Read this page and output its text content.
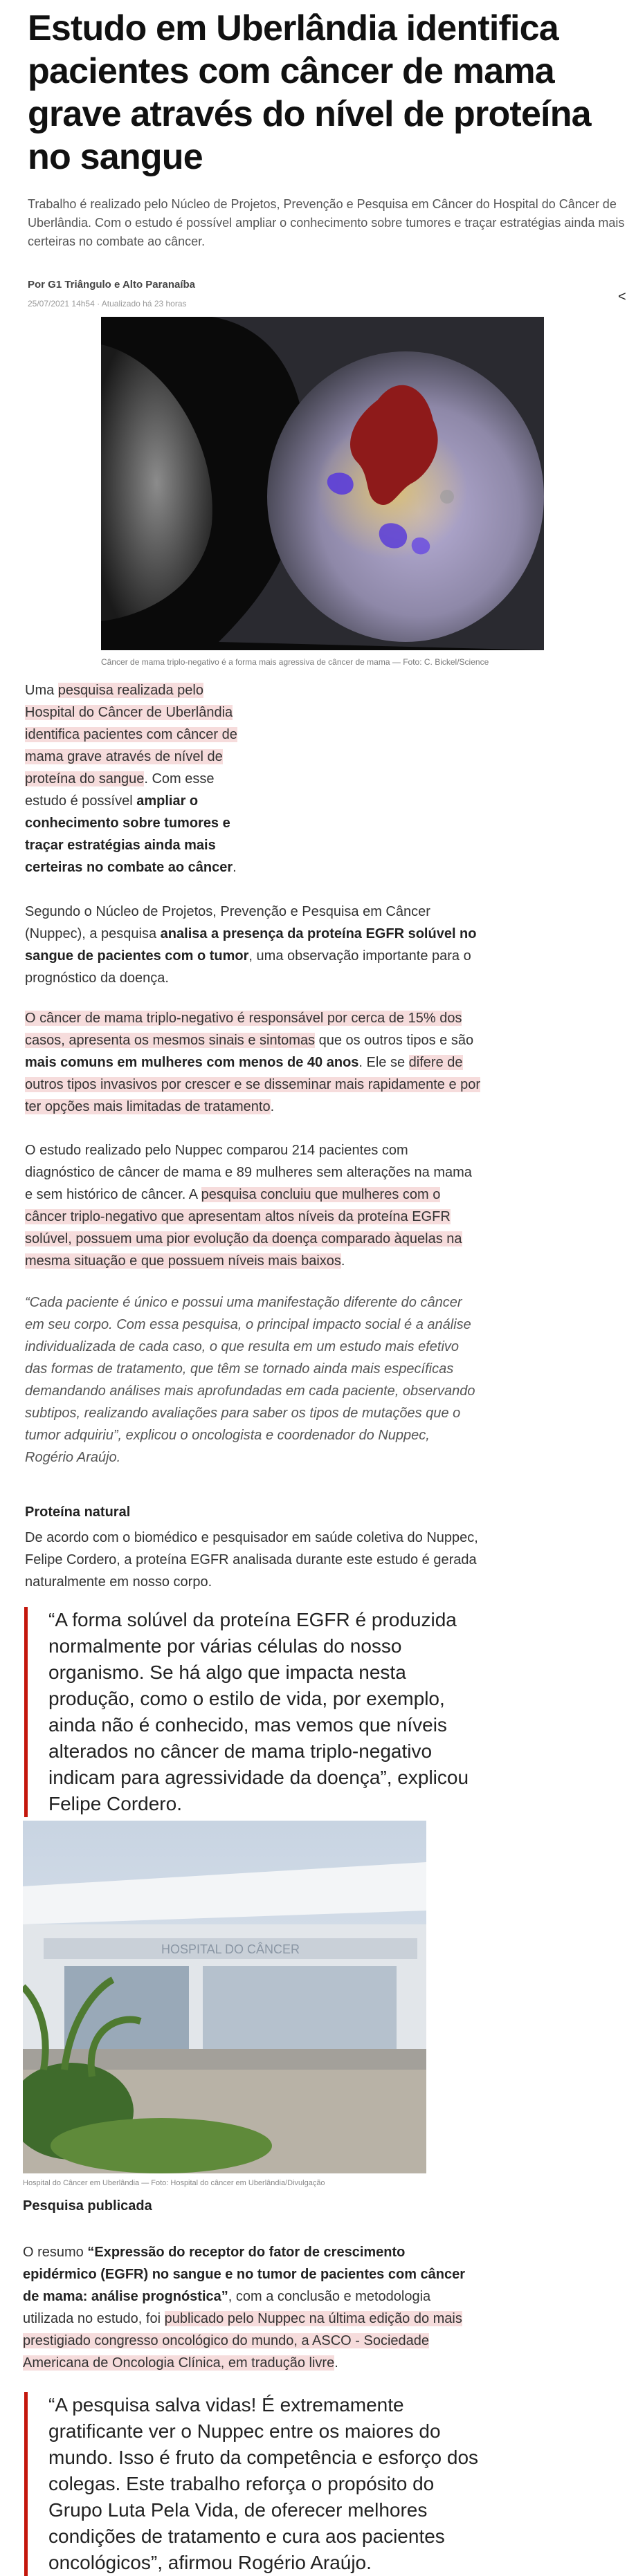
Estudo em Uberlândia identifica pacientes com câncer de mama grave através do nível de proteína no sangue

Trabalho é realizado pelo Núcleo de Projetos, Prevenção e Pesquisa em Câncer do Hospital do Câncer de Uberlândia. Com o estudo é possível ampliar o conhecimento sobre tumores e traçar estratégias ainda mais certeiras no combate ao câncer.

Por G1 Triângulo e Alto Paranaíba
25/07/2021 14h54 · Atualizado há 23 horas	<
Câncer de mama triplo-negativo é a forma mais agressiva de câncer de mama — Foto: C. Bickel/Science

Uma pesquisa realizada pelo Hospital do Câncer de Uberlândia identifica pacientes com câncer de mama grave através de nível de proteína do sangue. Com esse estudo é possível ampliar o conhecimento sobre tumores e traçar estratégias ainda mais certeiras no combate ao câncer.

Segundo o Núcleo de Projetos, Prevenção e Pesquisa em Câncer (Nuppec), a pesquisa analisa a presença da proteína EGFR solúvel no sangue de pacientes com o tumor, uma observação importante para o prognóstico da doença.

O câncer de mama triplo-negativo é responsável por cerca de 15% dos casos, apresenta os mesmos sinais e sintomas que os outros tipos e são mais comuns em mulheres com menos de 40 anos. Ele se difere de outros tipos invasivos por crescer e se disseminar mais rapidamente e por ter opções mais limitadas de tratamento.

O estudo realizado pelo Nuppec comparou 214 pacientes com diagnóstico de câncer de mama e 89 mulheres sem alterações na mama e sem histórico de câncer. A pesquisa concluiu que mulheres com o câncer triplo-negativo que apresentam altos níveis da proteína EGFR solúvel, possuem uma pior evolução da doença comparado àquelas na mesma situação e que possuem níveis mais baixos.

“Cada paciente é único e possui uma manifestação diferente do câncer em seu corpo. Com essa pesquisa, o principal impacto social é a análise individualizada de cada caso, o que resulta em um estudo mais efetivo das formas de tratamento, que têm se tornado ainda mais específicas demandando análises mais aprofundadas em cada paciente, observando subtipos, realizando avaliações para saber os tipos de mutações que o tumor adquiriu”, explicou o oncologista e coordenador do Nuppec, Rogério Araújo.

Proteína natural

De acordo com o biomédico e pesquisador em saúde coletiva do Nuppec, Felipe Cordero, a proteína EGFR analisada durante este estudo é gerada naturalmente em nosso corpo.

“A forma solúvel da proteína EGFR é produzida normalmente por várias células do nosso organismo. Se há algo que impacta nesta produção, como o estilo de vida, por exemplo, ainda não é conhecido, mas vemos que níveis alterados no câncer de mama triplo-negativo indicam para agressividade da doença”, explicou Felipe Cordero.
HOSPITAL DO CÂNCER
Hospital do Câncer em Uberlândia — Foto: Hospital do câncer em Uberlândia/Divulgação
Pesquisa publicada

O resumo “Expressão do receptor do fator de crescimento epidérmico (EGFR) no sangue e no tumor de pacientes com câncer de mama: análise prognóstica”, com a conclusão e metodologia utilizada no estudo, foi publicado pelo Nuppec na última edição do mais prestigiado congresso oncológico do mundo, a ASCO - Sociedade Americana de Oncologia Clínica, em tradução livre.

“A pesquisa salva vidas! É extremamente gratificante ver o Nuppec entre os maiores do mundo. Isso é fruto da competência e esforço dos colegas. Este trabalho reforça o propósito do Grupo Luta Pela Vida, de oferecer melhores condições de tratamento e cura aos pacientes oncológicos”, afirmou Rogério Araújo.
